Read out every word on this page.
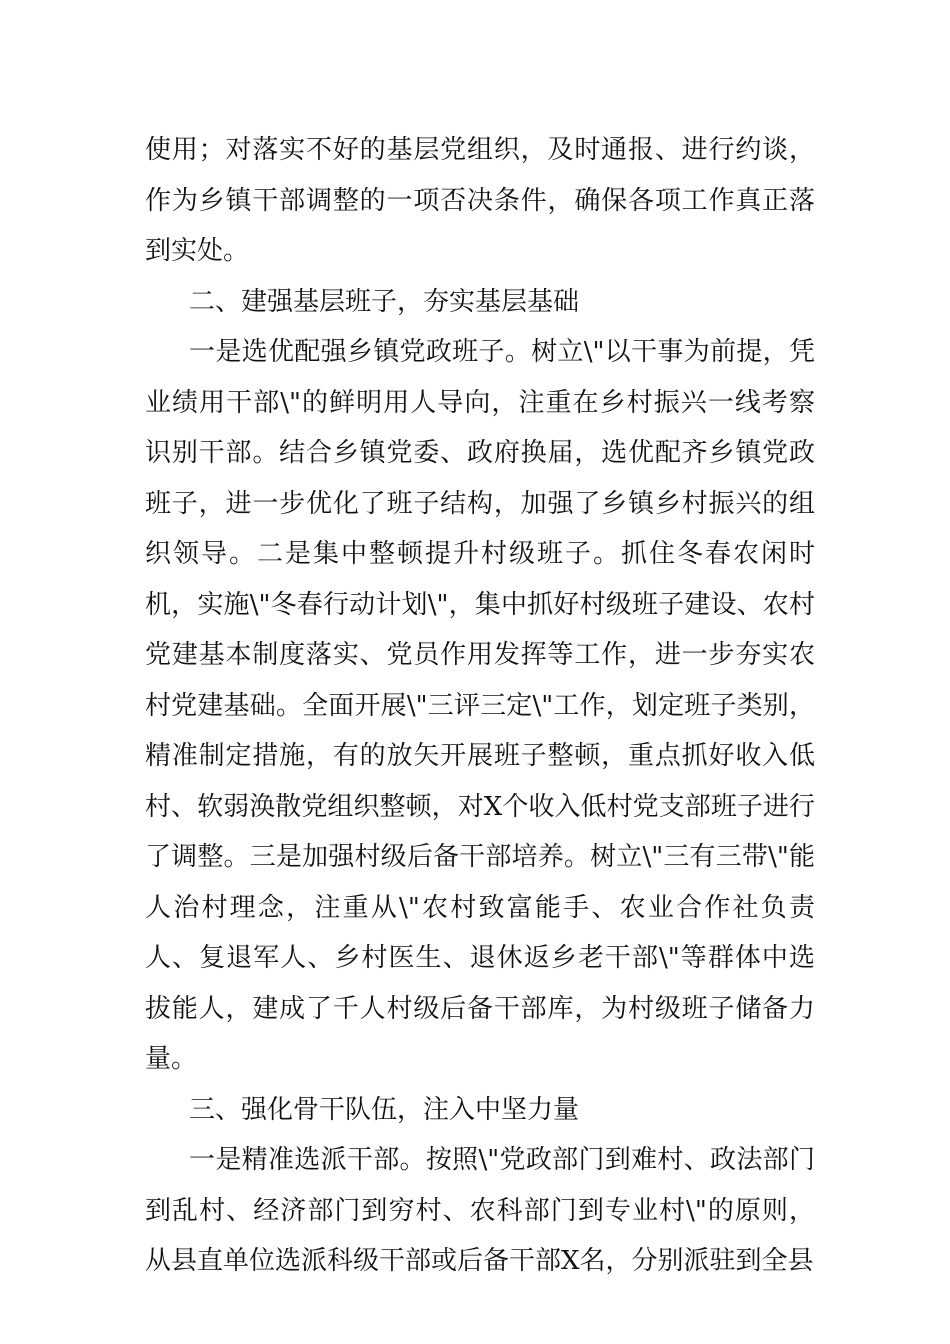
使用；对落实不好的基层党组织，及时通报、进行约谈，作为乡镇干部调整的一项否决条件，确保各项工作真正落到实处。

二、建强基层班子，夯实基层基础

一是选优配强乡镇党政班子。树立\"以干事为前提，凭业绩用干部\"的鲜明用人导向，注重在乡村振兴一线考察识别干部。结合乡镇党委、政府换届，选优配齐乡镇党政班子，进一步优化了班子结构，加强了乡镇乡村振兴的组织领导。二是集中整顿提升村级班子。抓住冬春农闲时机，实施\"冬春行动计划\"，集中抓好村级班子建设、农村党建基本制度落实、党员作用发挥等工作，进一步夯实农村党建基础。全面开展\"三评三定\"工作，划定班子类别，精准制定措施，有的放矢开展班子整顿，重点抓好收入低村、软弱涣散党组织整顿，对X个收入低村党支部班子进行了调整。三是加强村级后备干部培养。树立\"三有三带\"能人治村理念，注重从\"农村致富能手、农业合作社负责人、复退军人、乡村医生、退休返乡老干部\"等群体中选拔能人，建成了千人村级后备干部库，为村级班子储备力量。

三、强化骨干队伍，注入中坚力量

一是精准选派干部。按照\"党政部门到难村、政法部门到乱村、经济部门到穷村、农科部门到专业村\"的原则，从县直单位选派科级干部或后备干部X名，分别派驻到全县
